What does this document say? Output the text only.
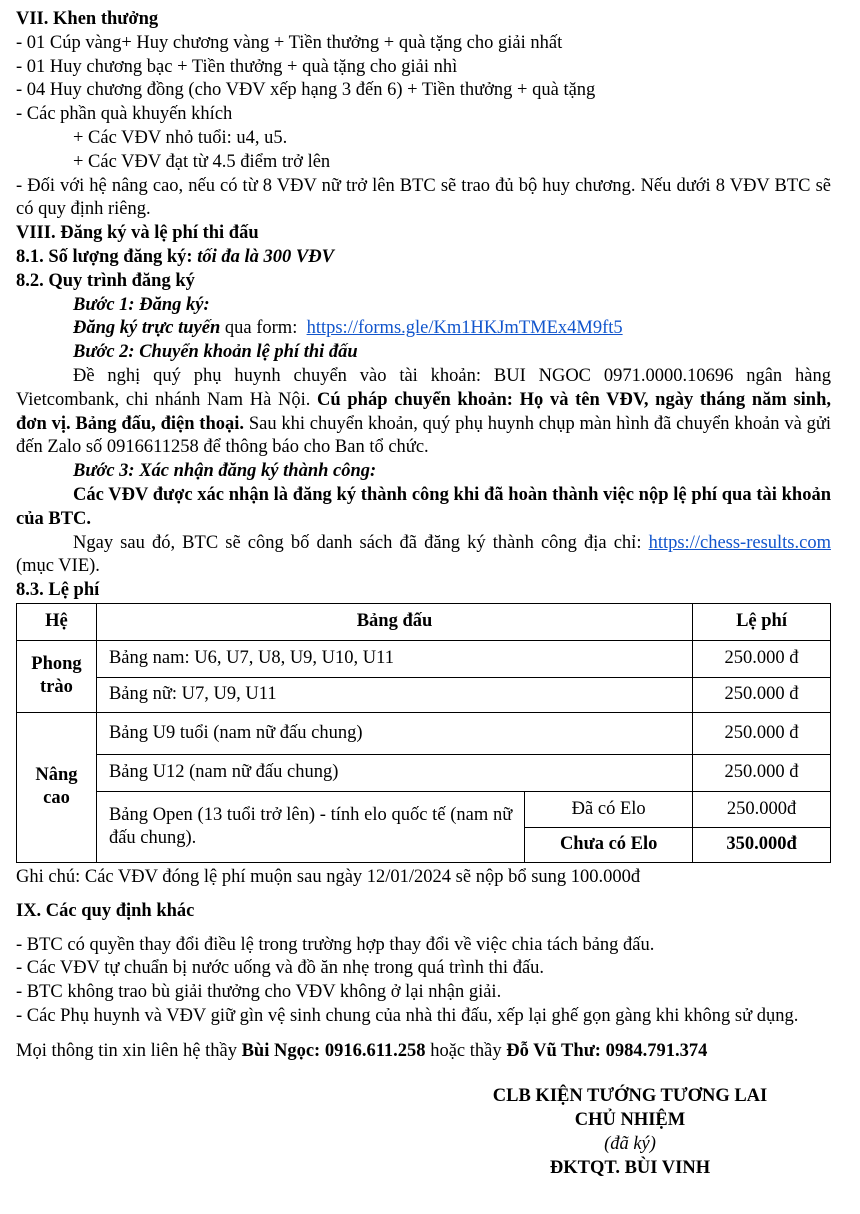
VII. Khen thưởng

- 01 Cúp vàng+ Huy chương vàng + Tiền thưởng + quà tặng cho giải nhất

- 01 Huy chương bạc + Tiền thưởng + quà tặng cho giải nhì

- 04 Huy chương đồng (cho VĐV xếp hạng 3 đến 6) + Tiền thưởng + quà tặng

- Các phần quà khuyến khích

+ Các VĐV nhỏ tuổi: u4, u5.

+ Các VĐV đạt từ 4.5 điểm trở lên

- Đối với hệ nâng cao, nếu có từ 8 VĐV nữ trở lên BTC sẽ trao đủ bộ huy chương. Nếu dưới 8 VĐV BTC sẽ có quy định riêng.

VIII. Đăng ký và lệ phí thi đấu

8.1. Số lượng đăng ký: tối đa là 300 VĐV

8.2. Quy trình đăng ký

Bước 1: Đăng ký:

Đăng ký trực tuyến qua form: https://forms.gle/Km1HKJmTMEx4M9ft5

Bước 2: Chuyển khoản lệ phí thi đấu

Đề nghị quý phụ huynh chuyển vào tài khoản: BUI NGOC 0971.0000.10696 ngân hàng Vietcombank, chi nhánh Nam Hà Nội. Cú pháp chuyển khoản: Họ và tên VĐV, ngày tháng năm sinh, đơn vị. Bảng đấu, điện thoại. Sau khi chuyển khoản, quý phụ huynh chụp màn hình đã chuyển khoản và gửi đến Zalo số 0916611258 để thông báo cho Ban tổ chức.

Bước 3: Xác nhận đăng ký thành công:

Các VĐV được xác nhận là đăng ký thành công khi đã hoàn thành việc nộp lệ phí qua tài khoản của BTC.

Ngay sau đó, BTC sẽ công bố danh sách đã đăng ký thành công địa chỉ: https://chess-results.com (mục VIE).

8.3. Lệ phí

Hệ	Bảng đấu		Lệ phí
Phong trào	Bảng nam: U6, U7, U8, U9, U10, U11		250.000 đ
	Bảng nữ: U7, U9, U11		250.000 đ
Nâng cao	Bảng U9 tuổi (nam nữ đấu chung)		250.000 đ
	Bảng U12 (nam nữ đấu chung)		250.000 đ
	Bảng Open (13 tuổi trở lên) - tính elo quốc tế (nam nữ đấu chung).	Đã có Elo	250.000đ
		Chưa có Elo	350.000đ

Ghi chú: Các VĐV đóng lệ phí muộn sau ngày 12/01/2024 sẽ nộp bổ sung 100.000đ

IX. Các quy định khác

- BTC có quyền thay đổi điều lệ trong trường hợp thay đổi về việc chia tách bảng đấu.

- Các VĐV tự chuẩn bị nước uống và đồ ăn nhẹ trong quá trình thi đấu.

- BTC không trao bù giải thưởng cho VĐV không ở lại nhận giải.

- Các Phụ huynh và VĐV giữ gìn vệ sinh chung của nhà thi đấu, xếp lại ghế gọn gàng khi không sử dụng.

Mọi thông tin xin liên hệ thầy Bùi Ngọc: 0916.611.258 hoặc thầy Đỗ Vũ Thư: 0984.791.374

CLB KIỆN TƯỚNG TƯƠNG LAI

CHỦ NHIỆM

(đã ký)

ĐKTQT. BÙI VINH
